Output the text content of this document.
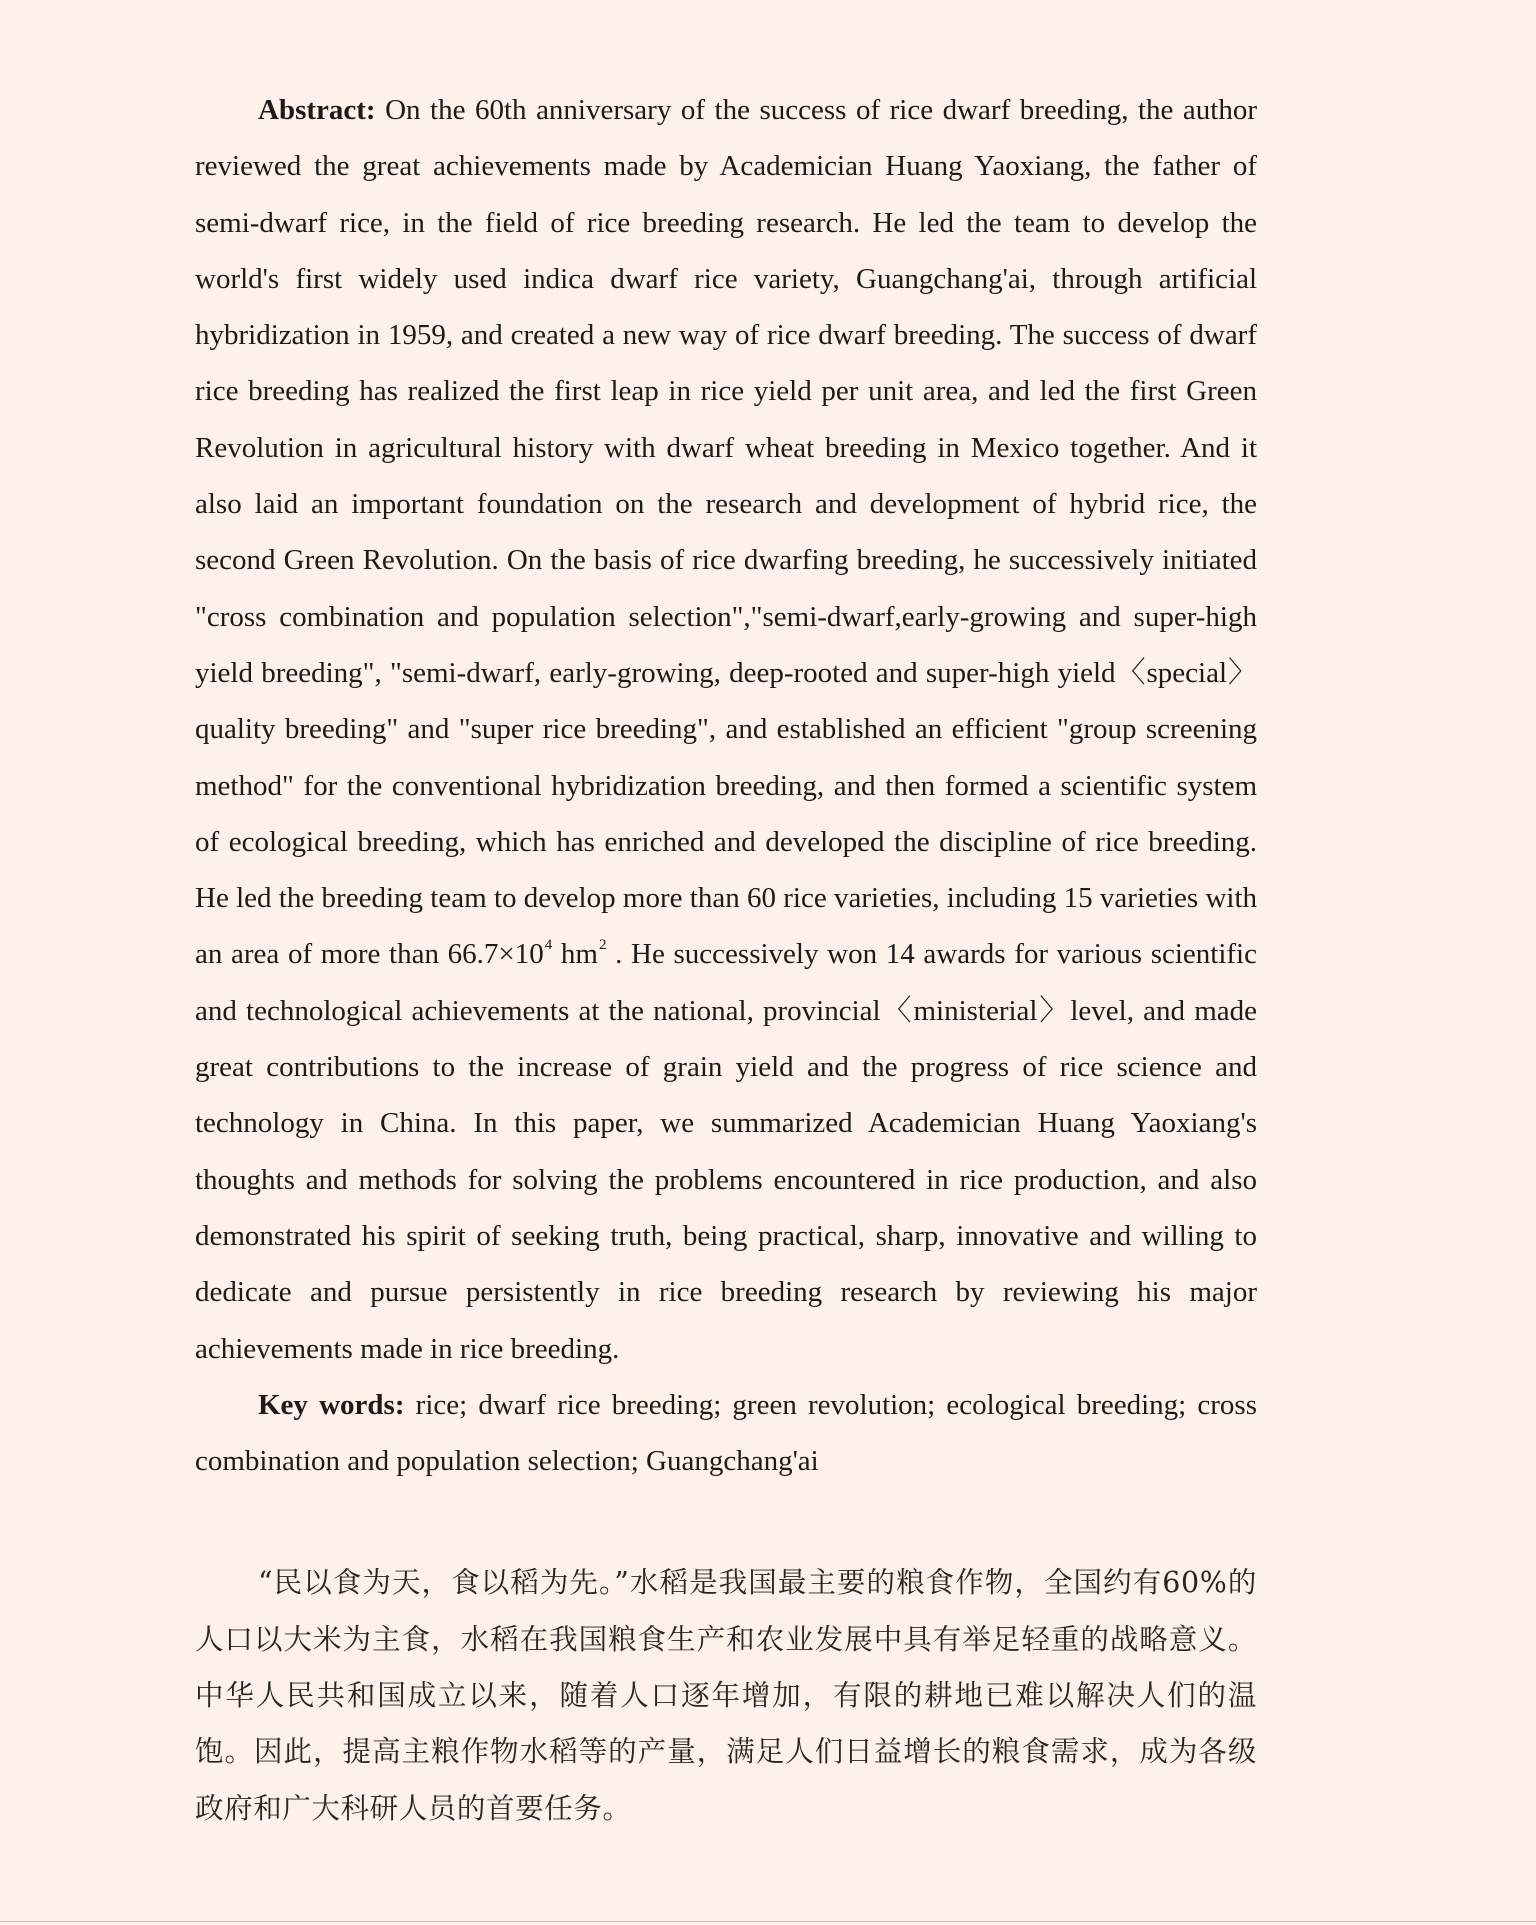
Abstract: On the 60th anniversary of the success of rice dwarf breeding, the author reviewed the great achievements made by Academician Huang Yaoxiang, the father of semi-dwarf rice, in the field of rice breeding research. He led the team to develop the world's first widely used indica dwarf rice variety, Guangchang'ai, through artificial hybridization in 1959, and created a new way of rice dwarf breeding. The success of dwarf rice breeding has realized the first leap in rice yield per unit area, and led the first Green Revolution in agricultural history with dwarf wheat breeding in Mexico together. And it also laid an important foundation on the research and development of hybrid rice, the second Green Revolution. On the basis of rice dwarfing breeding, he successively initiated "cross combination and population selection","semi-dwarf,early-growing and super-high yield breeding", "semi-dwarf, early-growing, deep-rooted and super-high yield〈special〉quality breeding" and "super rice breeding", and established an efficient "group screening method" for the conventional hybridization breeding, and then formed a scientific system of ecological breeding, which has enriched and developed the discipline of rice breeding. He led the breeding team to develop more than 60 rice varieties, including 15 varieties with an area of more than $66.7\times 10^4$ $hm^2$ . He successively won 14 awards for various scientific and technological achievements at the national, provincial〈ministerial〉level, and made great contributions to the increase of grain yield and the progress of rice science and technology in China. In this paper, we summarized Academician Huang Yaoxiang's thoughts and methods for solving the problems encountered in rice production, and also demonstrated his spirit of seeking truth, being practical, sharp, innovative and willing to dedicate and pursue persistently in rice breeding research by reviewing his major achievements made in rice breeding.

Key words: rice; dwarf rice breeding; green revolution; ecological breeding; cross combination and population selection; Guangchang'ai

“民以食为天，食以稻为先。”水稻是我国最主要的粮食作物，全国约有60%的人口以大米为主食，水稻在我国粮食生产和农业发展中具有举足轻重的战略意义。中华人民共和国成立以来，随着人口逐年增加，有限的耕地已难以解决人们的温饱。因此，提高主粮作物水稻等的产量，满足人们日益增长的粮食需求，成为各级政府和广大科研人员的首要任务。
